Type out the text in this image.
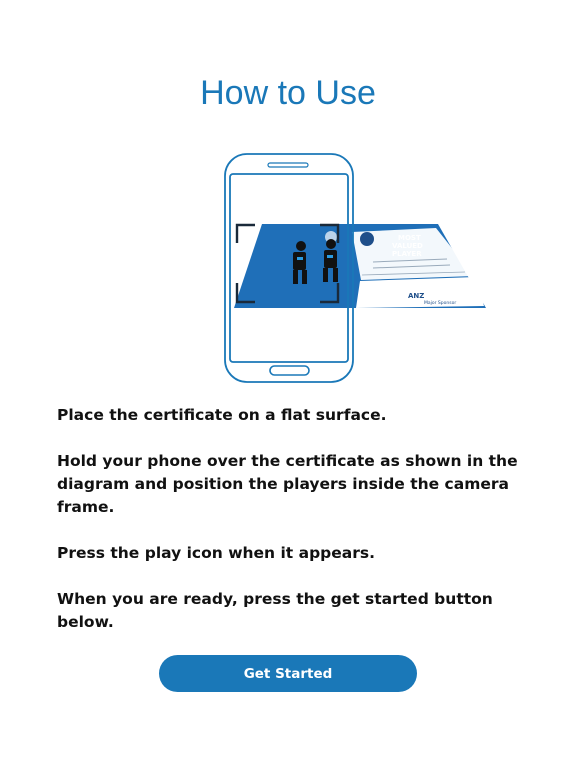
How to Use
MOST
VALUED
PLAYER
ANZ
Major Sponsor

Place the certificate on a flat surface.

Hold your phone over the certificate as shown in the diagram and position the players inside the camera frame.

Press the play icon when it appears.

When you are ready, press the get started button below.

Get Started
